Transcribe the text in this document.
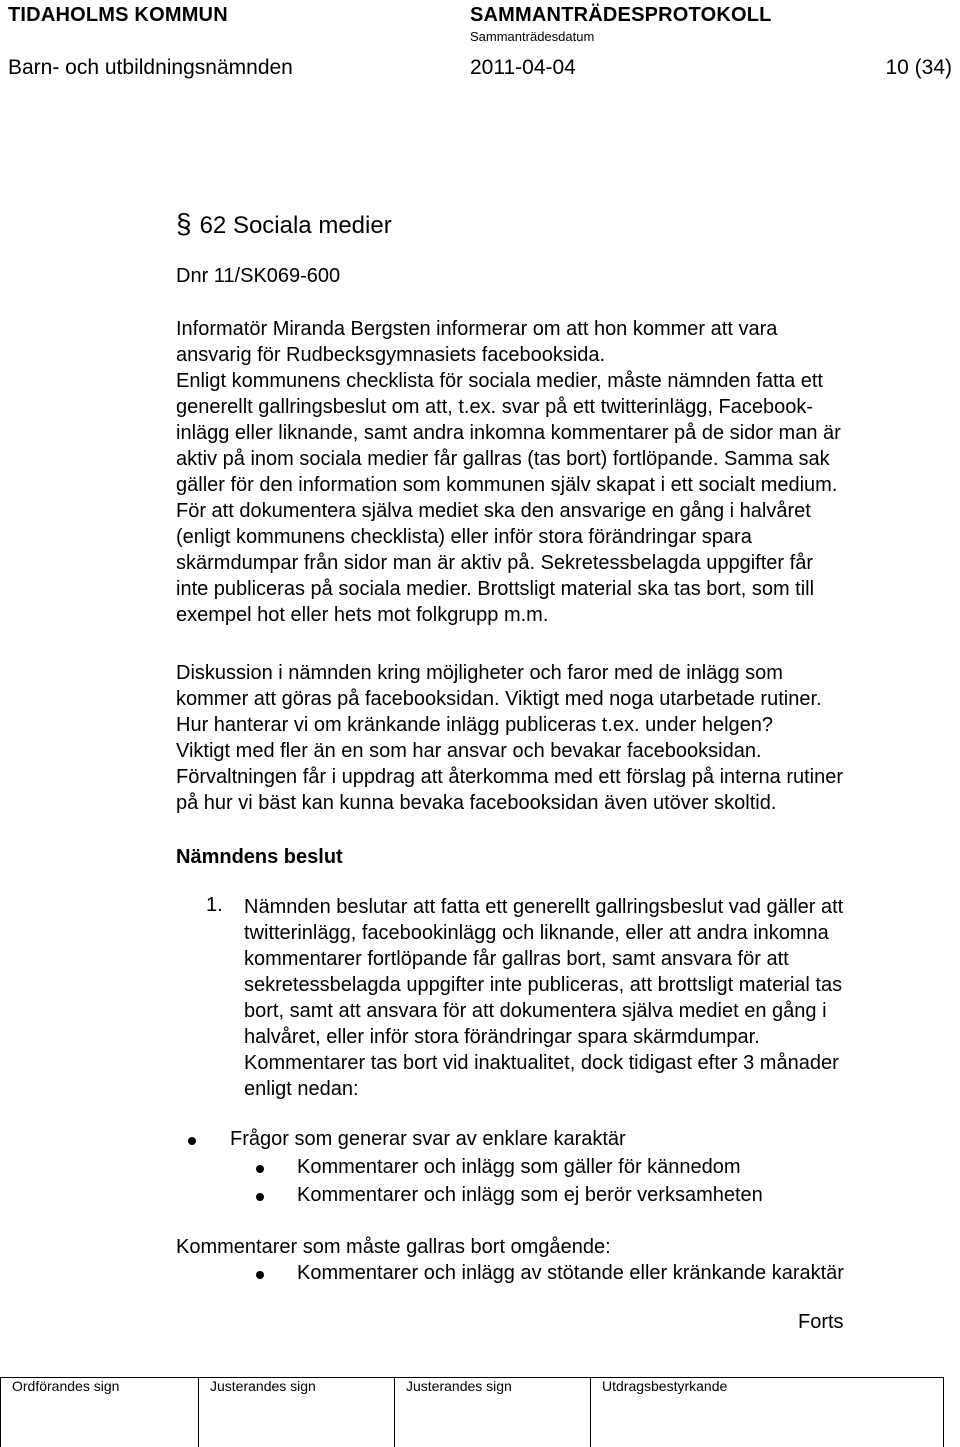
TIDAHOLMS KOMMUN	SAMMANTRÄDESPROTOKOLL
Sammanträdesdatum
Barn- och utbildningsnämnden	2011-04-04	10 (34)
§ 62 Sociala medier
Dnr 11/SK069-600
Informatör Miranda Bergsten informerar om att hon kommer att vara
ansvarig för Rudbecksgymnasiets facebooksida.
Enligt kommunens checklista för sociala medier, måste nämnden fatta ett
generellt gallringsbeslut om att, t.ex. svar på ett twitterinlägg, Facebook-
inlägg eller liknande, samt andra inkomna kommentarer på de sidor man är
aktiv på inom sociala medier får gallras (tas bort) fortlöpande. Samma sak
gäller för den information som kommunen själv skapat i ett socialt medium.
För att dokumentera själva mediet ska den ansvarige en gång i halvåret
(enligt kommunens checklista) eller inför stora förändringar spara
skärmdumpar från sidor man är aktiv på. Sekretessbelagda uppgifter får
inte publiceras på sociala medier. Brottsligt material ska tas bort, som till
exempel hot eller hets mot folkgrupp m.m.
Diskussion i nämnden kring möjligheter och faror med de inlägg som
kommer att göras på facebooksidan. Viktigt med noga utarbetade rutiner.
Hur hanterar vi om kränkande inlägg publiceras t.ex. under helgen?
Viktigt med fler än en som har ansvar och bevakar facebooksidan.
Förvaltningen får i uppdrag att återkomma med ett förslag på interna rutiner
på hur vi bäst kan kunna bevaka facebooksidan även utöver skoltid.
Nämndens beslut
1. Nämnden beslutar att fatta ett generellt gallringsbeslut vad gäller att
twitterinlägg, facebookinlägg och liknande, eller att andra inkomna
kommentarer fortlöpande får gallras bort, samt ansvara för att
sekretessbelagda uppgifter inte publiceras, att brottsligt material tas
bort, samt att ansvara för att dokumentera själva mediet en gång i
halvåret, eller inför stora förändringar spara skärmdumpar.
Kommentarer tas bort vid inaktualitet, dock tidigast efter 3 månader
enligt nedan:
Frågor som generar svar av enklare karaktär
Kommentarer och inlägg som gäller för kännedom
Kommentarer och inlägg som ej berör verksamheten
Kommentarer som måste gallras bort omgående:
Kommentarer och inlägg av stötande eller kränkande karaktär
Forts
Ordförandes sign	Justerandes sign	Justerandes sign	Utdragsbestyrkande
